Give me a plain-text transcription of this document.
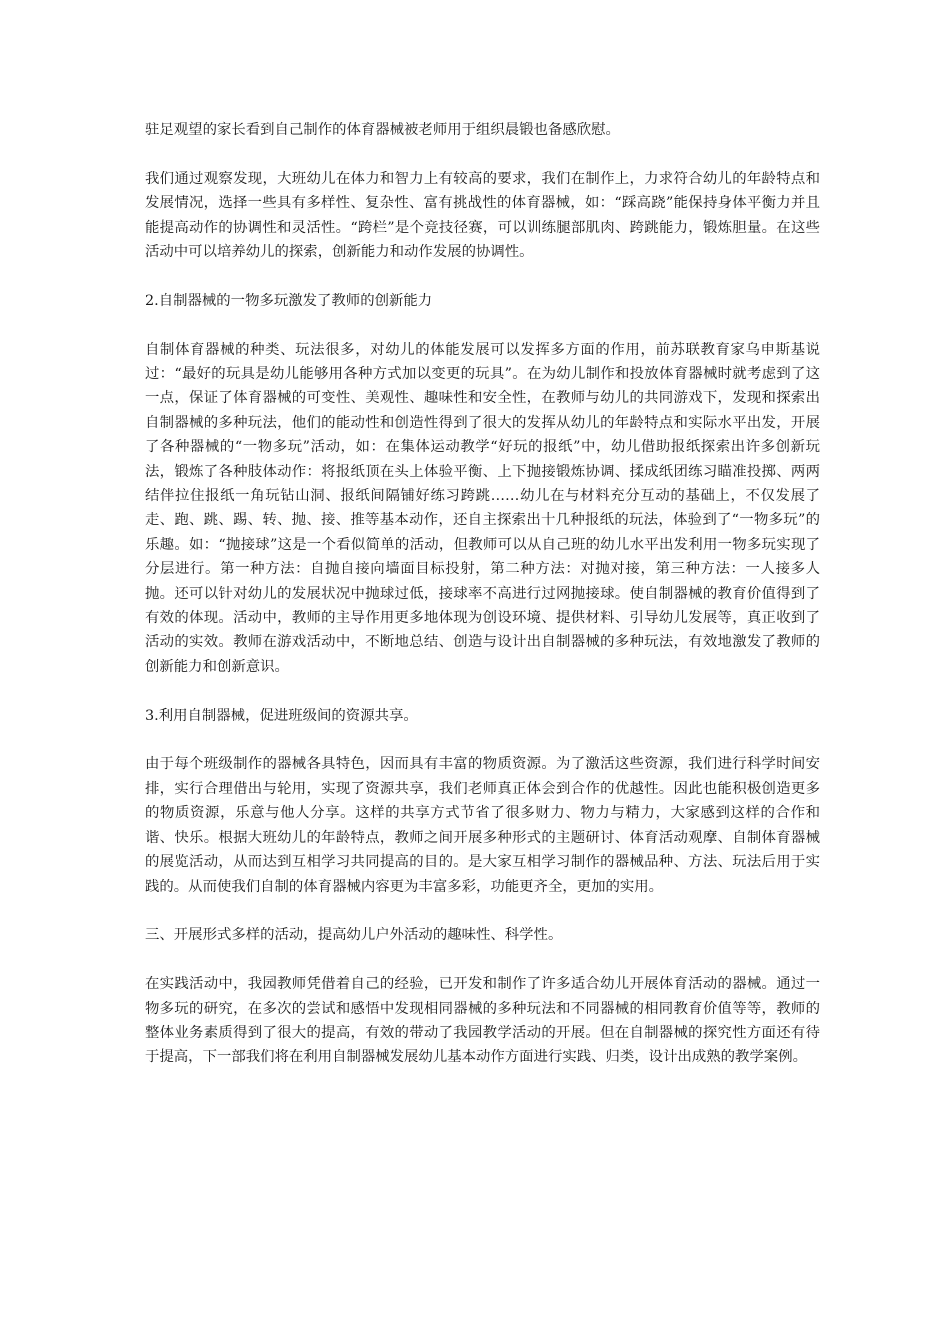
驻足观望的家长看到自己制作的体育器械被老师用于组织晨锻也备感欣慰。

我们通过观察发现，大班幼儿在体力和智力上有较高的要求，我们在制作上，力求符合幼儿的年龄特点和发展情况，选择一些具有多样性、复杂性、富有挑战性的体育器械，如：“踩高跷”能保持身体平衡力并且能提高动作的协调性和灵活性。“跨栏”是个竞技径赛，可以训练腿部肌肉、跨跳能力，锻炼胆量。在这些活动中可以培养幼儿的探索，创新能力和动作发展的协调性。

2.自制器械的一物多玩激发了教师的创新能力

自制体育器械的种类、玩法很多，对幼儿的体能发展可以发挥多方面的作用，前苏联教育家乌申斯基说过：“最好的玩具是幼儿能够用各种方式加以变更的玩具”。在为幼儿制作和投放体育器械时就考虑到了这一点，保证了体育器械的可变性、美观性、趣味性和安全性，在教师与幼儿的共同游戏下，发现和探索出自制器械的多种玩法，他们的能动性和创造性得到了很大的发挥从幼儿的年龄特点和实际水平出发，开展了各种器械的“一物多玩”活动，如：在集体运动教学“好玩的报纸”中，幼儿借助报纸探索出许多创新玩法，锻炼了各种肢体动作：将报纸顶在头上体验平衡、上下抛接锻炼协调、揉成纸团练习瞄准投掷、两两结伴拉住报纸一角玩钻山洞、报纸间隔铺好练习跨跳……幼儿在与材料充分互动的基础上，不仅发展了走、跑、跳、踢、转、抛、接、推等基本动作，还自主探索出十几种报纸的玩法，体验到了“一物多玩”的乐趣。如：“抛接球”这是一个看似简单的活动，但教师可以从自己班的幼儿水平出发利用一物多玩实现了分层进行。第一种方法：自抛自接向墙面目标投射，第二种方法：对抛对接，第三种方法：一人接多人抛。还可以针对幼儿的发展状况中抛球过低，接球率不高进行过网抛接球。使自制器械的教育价值得到了有效的体现。活动中，教师的主导作用更多地体现为创设环境、提供材料、引导幼儿发展等，真正收到了活动的实效。教师在游戏活动中，不断地总结、创造与设计出自制器械的多种玩法，有效地激发了教师的创新能力和创新意识。

3.利用自制器械，促进班级间的资源共享。

由于每个班级制作的器械各具特色，因而具有丰富的物质资源。为了激活这些资源，我们进行科学时间安排，实行合理借出与轮用，实现了资源共享，我们老师真正体会到合作的优越性。因此也能积极创造更多的物质资源，乐意与他人分享。这样的共享方式节省了很多财力、物力与精力，大家感到这样的合作和谐、快乐。根据大班幼儿的年龄特点，教师之间开展多种形式的主题研讨、体育活动观摩、自制体育器械的展览活动，从而达到互相学习共同提高的目的。是大家互相学习制作的器械品种、方法、玩法后用于实践的。从而使我们自制的体育器械内容更为丰富多彩，功能更齐全，更加的实用。

三、开展形式多样的活动，提高幼儿户外活动的趣味性、科学性。

在实践活动中，我园教师凭借着自己的经验，已开发和制作了许多适合幼儿开展体育活动的器械。通过一物多玩的研究，在多次的尝试和感悟中发现相同器械的多种玩法和不同器械的相同教育价值等等，教师的整体业务素质得到了很大的提高，有效的带动了我园教学活动的开展。但在自制器械的探究性方面还有待于提高，下一部我们将在利用自制器械发展幼儿基本动作方面进行实践、归类，设计出成熟的教学案例。
